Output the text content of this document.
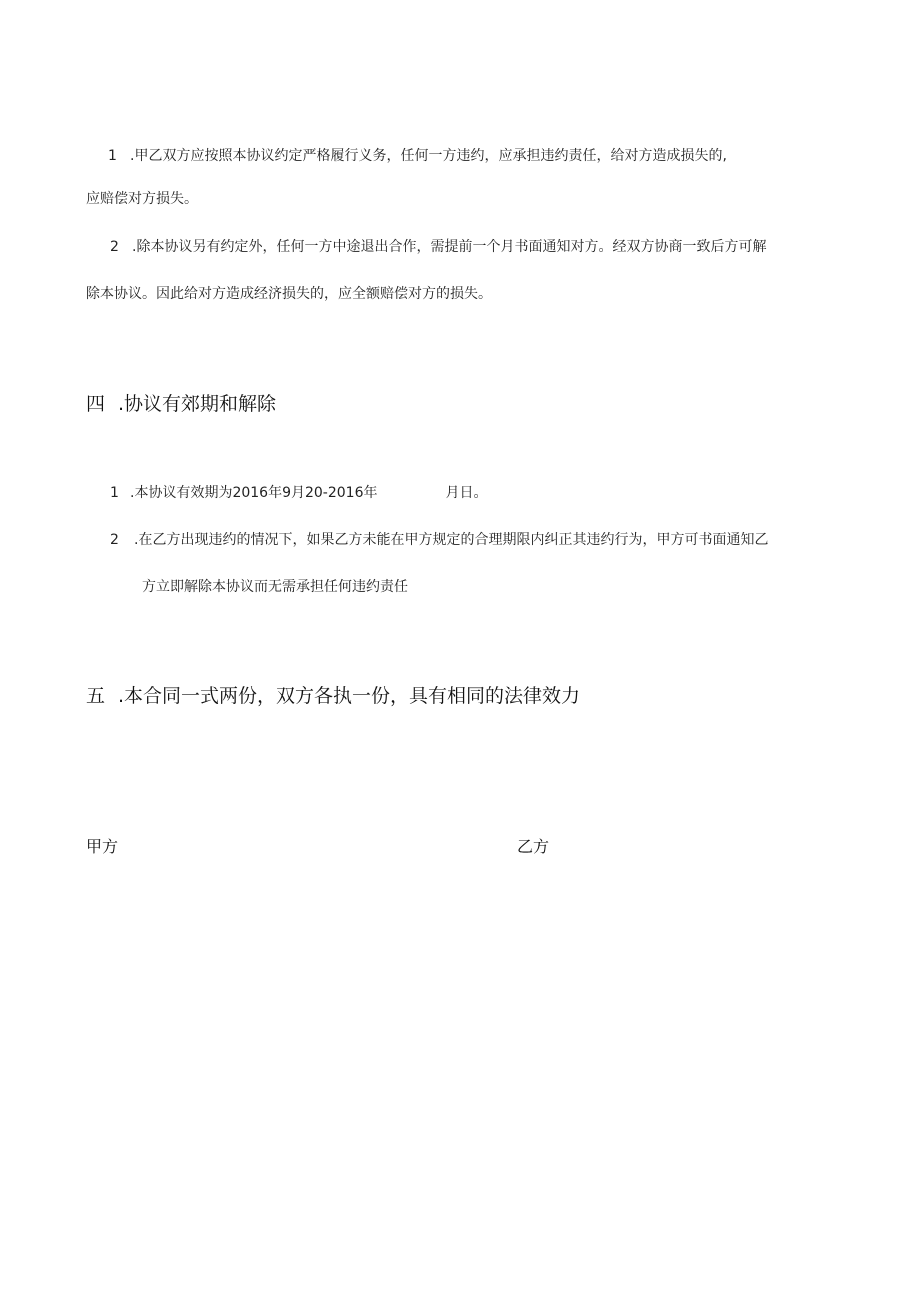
1 .甲乙双方应按照本协议约定严格履行义务，任何一方违约，应承担违约责任，给对方造成损失的,
应赔偿对方损失。
2 .除本协议另有约定外，任何一方中途退出合作，需提前一个月书面通知对方。经双方协商一致后方可解
除本协议。因此给对方造成经济损失的，应全额赔偿对方的损失。
四 .协议有郊期和解除
1 .本协议有效期为2016年9月20-2016年	月日。
2 .在乙方出现违约的情况下，如果乙方未能在甲方规定的合理期限内纠正其违约行为，甲方可书面通知乙
方立即解除本协议而无需承担任何违约责任
五 .本合同一式两份，双方各执一份，具有相同的法律效力
甲方	乙方
